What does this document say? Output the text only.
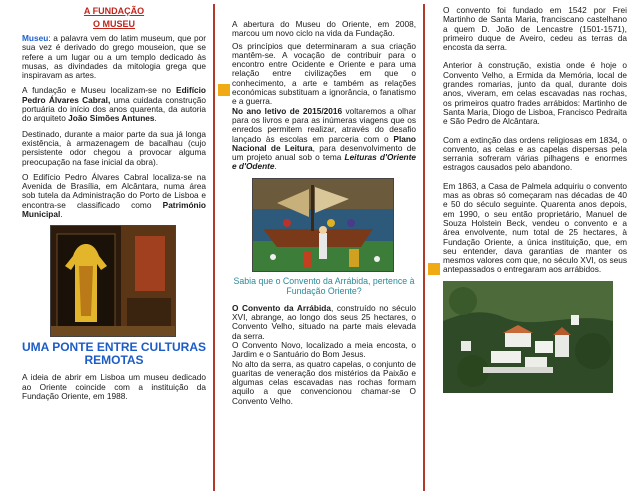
A FUNDAÇÃO
O MUSEU

Museu: a palavra vem do latim museum, que por sua vez é derivado do grego mouseion, que se refere a um lugar ou a um templo dedicado às musas, as divindades da mitologia grega que inspiravam as artes.

A fundação e Museu localizam-se no Edifício Pedro Álvares Cabral, uma cuidada construção portuária do início dos anos quarenta, da autoria do arquiteto João Simões Antunes.

Destinado, durante a maior parte da sua já longa existência, à armazenagem de bacalhau (cujo persistente odor chegou a provocar alguma preocupação na fase inicial da obra).

O Edifício Pedro Álvares Cabral localiza-se na Avenida de Brasília, em Alcântara, numa área sob tutela da Administração do Porto de Lisboa e encontra-se classificado como Património Municipal.

UMA PONTE ENTRE CULTURAS REMOTAS

A ideia de abrir em Lisboa um museu dedicado ao Oriente coincide com a instituição da Fundação Oriente, em 1988.

A abertura do Museu do Oriente, em 2008, marcou um novo ciclo na vida da Fundação.

Os princípios que determinaram a sua criação mantêm-se. A vocação de contribuir para o encontro entre Ocidente e Oriente e para uma relação entre civilizações em que o conhecimento, a arte e também as relações económicas substituam a ignorância, o fanatismo e a guerra.

No ano letivo de 2015/2016 voltaremos a olhar para os livros e para as inúmeras viagens que os enredos permitem realizar, através do desafio lançado às escolas em parceria com o Plano Nacional de Leitura, para desenvolvimento de um projeto anual sob o tema Leituras d'Oriente e d'Odente.

Sabia que o Convento da Arrábida, pertence à Fundação Oriente?

O Convento da Arrábida, construído no século XVI, abrange, ao longo dos seus 25 hectares, o Convento Velho, situado na parte mais elevada da serra.

O Convento Novo, localizado a meia encosta, o Jardim e o Santuário do Bom Jesus.

No alto da serra, as quatro capelas, o conjunto de guaritas de veneração dos mistérios da Paixão e algumas celas escavadas nas rochas formam aquilo a que convencionou chamar-se O Convento Velho.

O convento foi fundado em 1542 por Frei Martinho de Santa Maria, franciscano castelhano a quem D. João de Lencastre (1501-1571), primeiro duque de Aveiro, cedeu as terras da encosta da serra.

Anterior à construção, existia onde é hoje o Convento Velho, a Ermida da Memória, local de grandes romarias, junto da qual, durante dois anos, viveram, em celas escavadas nas rochas, os primeiros quatro frades arrábidos: Martinho de Santa Maria, Diogo de Lisboa, Francisco Pedraita e São Pedro de Alcântara.

Com a extinção das ordens religiosas em 1834, o convento, as celas e as capelas dispersas pela serrania sofreram várias pilhagens e enormes estragos causados pelo abandono.

Em 1863, a Casa de Palmela adquiriu o convento mas as obras só começaram nas décadas de 40 e 50 do século seguinte. Quarenta anos depois, em 1990, o seu então proprietário, Manuel de Souza Holstein Beck, vendeu o convento e a área envolvente, num total de 25 hectares, à Fundação Oriente, a única instituição, que, em seu entender, dava garantias de manter os mesmos valores com que, no século XVI, os seus antepassados o entregaram aos arrábidos.
